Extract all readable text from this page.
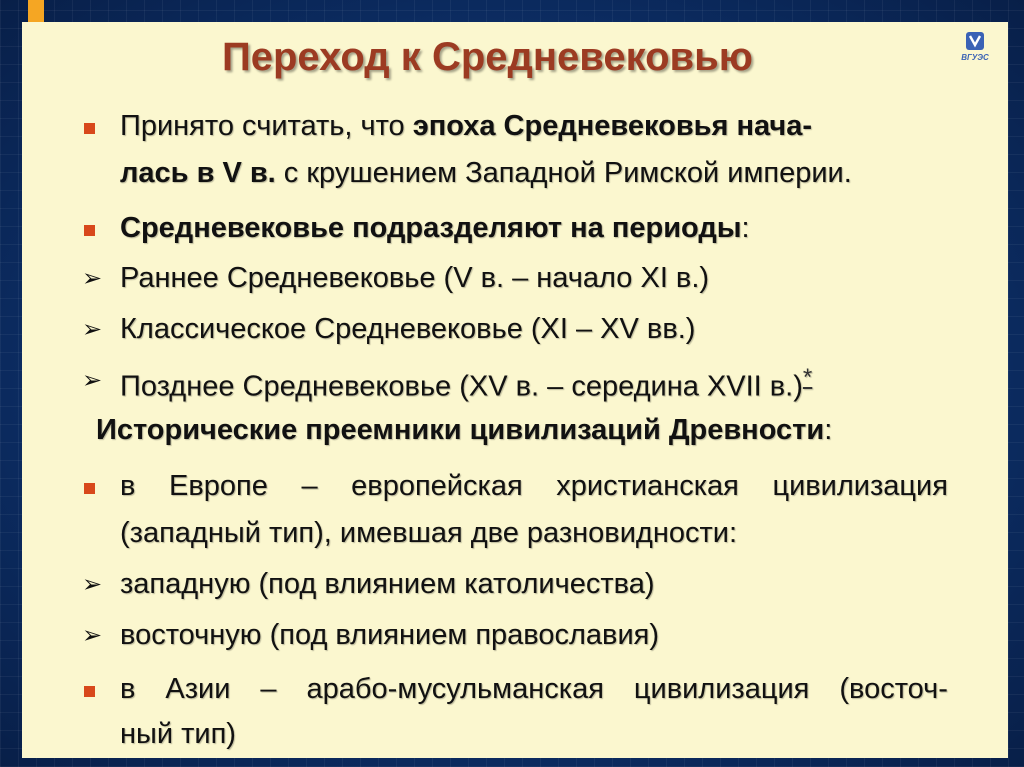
ВГУЭС
Переход к Средневековью

Принято считать, что эпоха Средневековья нача-

лась в V в. с крушением Западной Римской империи.

Средневековье подразделяют на периоды:

➢ Раннее Средневековье (V в. – начало XI в.)

➢ Классическое Средневековье (XI – XV вв.)

➢ Позднее Средневековье (XV в. – середина XVII в.)*

Исторические преемники цивилизаций Древности:

в Европе – европейская христианская цивилизация

(западный тип), имевшая две разновидности:

➢ западную (под влиянием католичества)

➢ восточную (под влиянием православия)

в Азии – арабо-мусульманская цивилизация (восточ-

ный тип)
